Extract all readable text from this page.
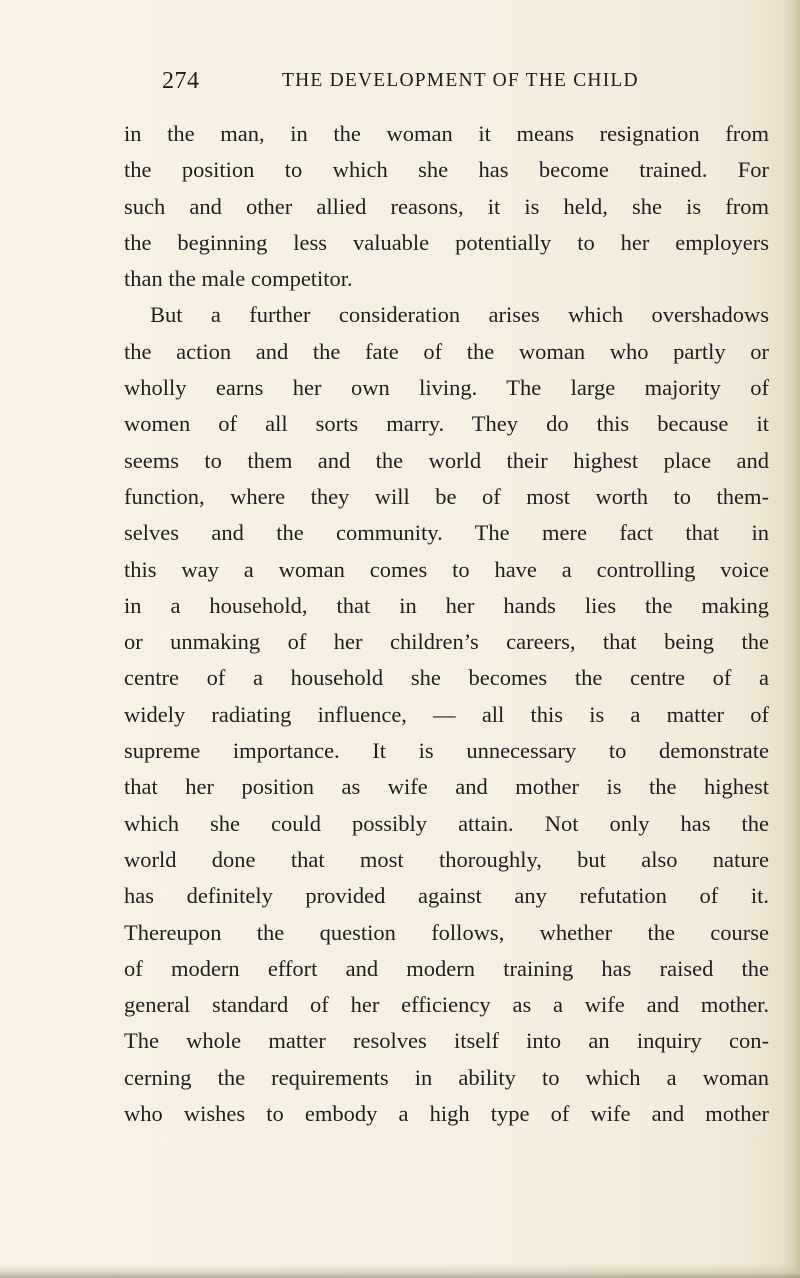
274	THE DEVELOPMENT OF THE CHILD
in the man, in the woman it means resignation from
the position to which she has become trained. For
such and other allied reasons, it is held, she is from
the beginning less valuable potentially to her employers
than the male competitor.
But a further consideration arises which overshadows
the action and the fate of the woman who partly or
wholly earns her own living. The large majority of
women of all sorts marry. They do this because it
seems to them and the world their highest place and
function, where they will be of most worth to them-
selves and the community. The mere fact that in
this way a woman comes to have a controlling voice
in a household, that in her hands lies the making
or unmaking of her children’s careers, that being the
centre of a household she becomes the centre of a
widely radiating influence, — all this is a matter of
supreme importance. It is unnecessary to demonstrate
that her position as wife and mother is the highest
which she could possibly attain. Not only has the
world done that most thoroughly, but also nature
has definitely provided against any refutation of it.
Thereupon the question follows, whether the course
of modern effort and modern training has raised the
general standard of her efficiency as a wife and mother.
The whole matter resolves itself into an inquiry con-
cerning the requirements in ability to which a woman
who wishes to embody a high type of wife and mother
